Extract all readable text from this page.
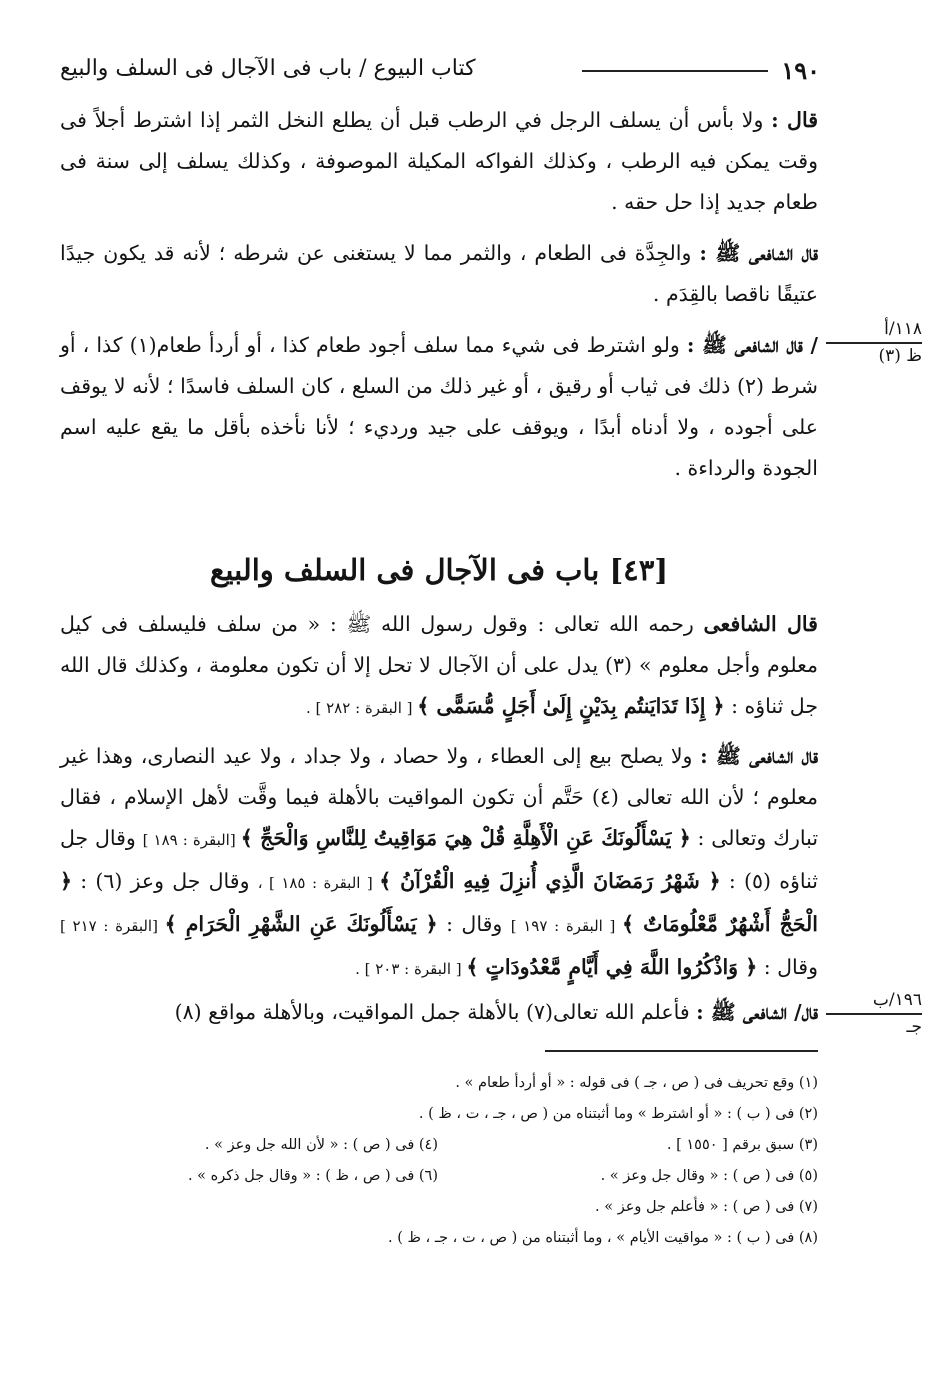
١٩٠
كتاب البيوع / باب فى الآجال فى السلف والبيع
١١٨/أ
ظ (٣)
١٩٦/ب
جـ

قال : ولا بأس أن يسلف الرجل في الرطب قبل أن يطلع النخل الثمر إذا اشترط أجلاً فى وقت يمكن فيه الرطب ، وكذلك الفواكه المكيلة الموصوفة ، وكذلك يسلف إلى سنة فى طعام جديد إذا حل حقه .

قال الشافعى ﷺ : والجِدَّة فى الطعام ، والثمر مما لا يستغنى عن شرطه ؛ لأنه قد يكون جيدًا عتيقًا ناقصا بالقِدَم .

/ قال الشافعى ﷺ : ولو اشترط فى شيء مما سلف أجود طعام كذا ، أو أردأ طعام(١) كذا ، أو شرط (٢) ذلك فى ثياب أو رقيق ، أو غير ذلك من السلع ، كان السلف فاسدًا ؛ لأنه لا يوقف على أجوده ، ولا أدناه أبدًا ، ويوقف على جيد ورديء ؛ لأنا نأخذه بأقل ما يقع عليه اسم الجودة والرداءة .

[٤٣] باب فى الآجال فى السلف والبيع

قال الشافعى رحمه الله تعالى : وقول رسول الله ﷺ : « من سلف فليسلف فى كيل معلوم وأجل معلوم » (٣) يدل على أن الآجال لا تحل إلا أن تكون معلومة ، وكذلك قال الله جل ثناؤه : ﴿ إِذَا تَدَايَنتُم بِدَيْنٍ إِلَىٰ أَجَلٍ مُّسَمًّى ﴾ [ البقرة : ٢٨٢ ] .

قال الشافعى ﷺ : ولا يصلح بيع إلى العطاء ، ولا حصاد ، ولا جداد ، ولا عيد النصارى، وهذا غير معلوم ؛ لأن الله تعالى (٤) حَتَّم أن تكون المواقيت بالأهلة فيما وقَّت لأهل الإسلام ، فقال تبارك وتعالى : ﴿ يَسْأَلُونَكَ عَنِ الْأَهِلَّةِ قُلْ هِيَ مَوَاقِيتُ لِلنَّاسِ وَالْحَجِّ ﴾ [البقرة : ١٨٩ ] وقال جل ثناؤه (٥) : ﴿ شَهْرُ رَمَضَانَ الَّذِي أُنزِلَ فِيهِ الْقُرْآنُ ﴾ [ البقرة : ١٨٥ ] ، وقال جل وعز (٦) : ﴿ الْحَجُّ أَشْهُرٌ مَّعْلُومَاتٌ ﴾ [ البقرة : ١٩٧ ] وقال : ﴿ يَسْأَلُونَكَ عَنِ الشَّهْرِ الْحَرَامِ ﴾ [البقرة : ٢١٧ ] وقال : ﴿ وَاذْكُرُوا اللَّهَ فِي أَيَّامٍ مَّعْدُودَاتٍ ﴾ [ البقرة : ٢٠٣ ] .

قال/ الشافعى ﷺ : فأعلم الله تعالى(٧) بالأهلة جمل المواقيت، وبالأهلة مواقع (٨)

(١) وقع تحريف فى ( ص ، جـ ) فى قوله : « أو أردأ طعام » .
(٢) فى ( ب ) : « أو اشترط » وما أثبتناه من ( ص ، جـ ، ت ، ظ ) .
(٣) سبق برقم [ ١٥٥٠ ] .
(٤) فى ( ص ) : « لأن الله جل وعز » .
(٥) فى ( ص ) : « وقال جل وعز » .
(٦) فى ( ص ، ظ ) : « وقال جل ذكره » .
(٧) فى ( ص ) : « فأعلم جل وعز » .
(٨) فى ( ب ) : « مواقيت الأيام » ، وما أثبتناه من ( ص ، ت ، جـ ، ظ ) .
